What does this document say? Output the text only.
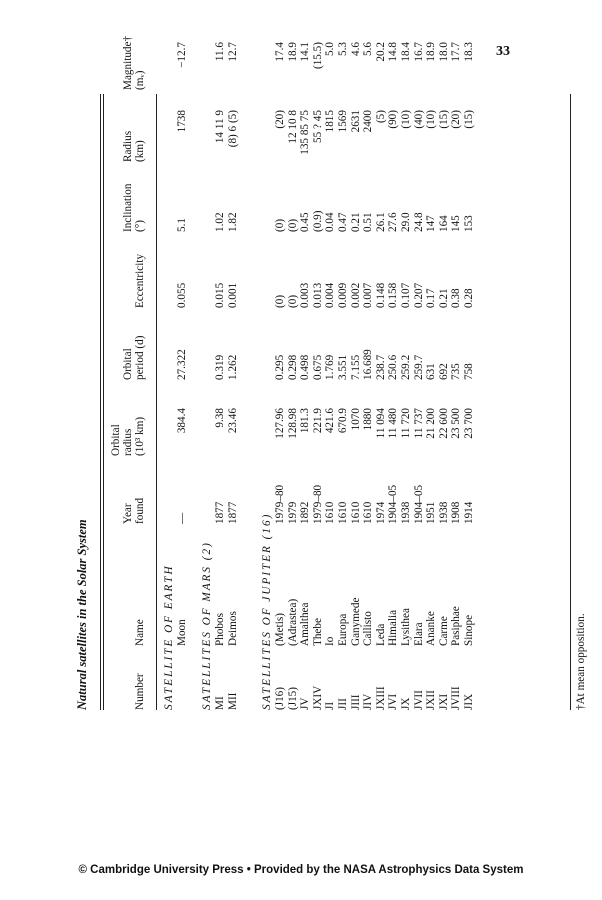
33
Natural satellites in the Solar System	Number
Name
Year
found
Orbital
radius
(10³ km)
Orbital
period (d)
Eccentricity
Inclination
(°)
Radius
(km)
Magnitude†
(mᵥ)
SATELLITE OF EARTH Moon
—
384.4
27.322
0.055
5.1
1738
−12.7
SATELLITES OF MARS (2) MI
Phobos
1877
9.38
0.319
0.015
1.02
14 11 9
11.6
MII
Deimos
1877
23.46
1.262
0.001
1.82
(8) 6 (5)
12.7
SATELLITES OF JUPITER (16) (J16)
(Metis)
1979–80
127.96
0.295
(0)
(0)
(20)
17.4
(J15)
(Adrastea)
1979
128.98
0.298
(0)
(0)
12 10 8
18.9
JV
Amalthea
1892
181.3
0.498
0.003
0.45
135 85 75
14.1
JXIV
Thebe
1979–80
221.9
0.675
0.013
(0.9)
55 ? 45
(15.5)
JI
Io
1610
421.6
1.769
0.004
0.04
1815
5.0
JII
Europa
1610
670.9
3.551
0.009
0.47
1569
5.3
JIII
Ganymede
1610
1070
7.155
0.002
0.21
2631
4.6
JIV
Callisto
1610
1880
16.689
0.007
0.51
2400
5.6
JXIII
Leda
1974
11 094
238.7
0.148
26.1
(5)
20.2
JVI
Himalia
1904–05
11 480
250.6
0.158
27.6
(90)
14.8
JX
Lysithea
1938
11 720
259.2
0.107
29.0
(10)
18.4
JVII
Elara
1904–05
11 737
259.7
0.207
24.8
(40)
16.7
JXII
Ananke
1951
21 200
631
0.17
147
(10)
18.9
JXI
Carme
1938
22 600
692
0.21
164
(15)
18.0
JVIII
Pasiphae
1908
23 500
735
0.38
145
(20)
17.7
JIX
Sinope
1914
23 700
758
0.28
153
(15)
18.3
†At mean opposition.
© Cambridge University Press • Provided by the NASA Astrophysics Data System
